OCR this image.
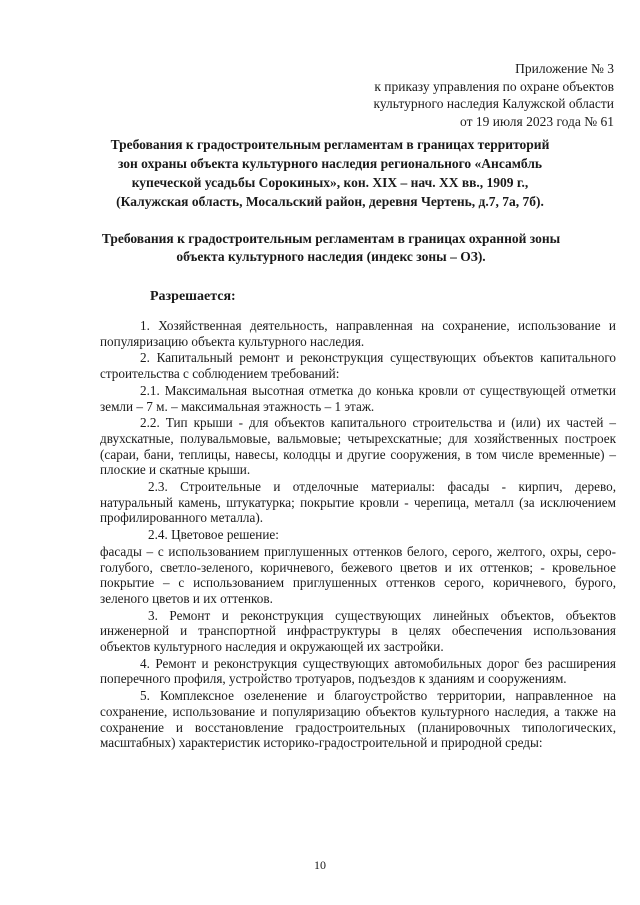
Приложение № 3
к приказу управления по охране объектов
культурного наследия Калужской области
от 19 июля 2023 года № 61
Требования к градостроительным регламентам в границах территорий зон охраны объекта культурного наследия регионального «Ансамбль купеческой усадьбы Сорокиных», кон. XIX – нач. XX вв., 1909 г., (Калужская область, Мосальский район, деревня Чертень, д.7, 7а, 7б).
Требования к градостроительным регламентам в границах охранной зоны объекта культурного наследия (индекс зоны – ОЗ).
Разрешается:

1. Хозяйственная деятельность, направленная на сохранение, использование и популяризацию объекта культурного наследия.

2. Капитальный ремонт и реконструкция существующих объектов капитального строительства с соблюдением требований:

2.1. Максимальная высотная отметка до конька кровли от существующей отметки земли – 7 м. – максимальная этажность – 1 этаж.

2.2. Тип крыши - для объектов капитального строительства и (или) их частей – двухскатные, полувальмовые, вальмовые; четырехскатные; для хозяйственных построек (сараи, бани, теплицы, навесы, колодцы и другие сооружения, в том числе временные) – плоские и скатные крыши.

2.3. Строительные и отделочные материалы: фасады - кирпич, дерево, натуральный камень, штукатурка; покрытие кровли - черепица, металл (за исключением профилированного металла).

2.4. Цветовое решение:

фасады – с использованием приглушенных оттенков белого, серого, желтого, охры, серо-голубого, светло-зеленого, коричневого, бежевого цветов и их оттенков; - кровельное покрытие – с использованием приглушенных оттенков серого, коричневого, бурого, зеленого цветов и их оттенков.

3. Ремонт и реконструкция существующих линейных объектов, объектов инженерной и транспортной инфраструктуры в целях обеспечения использования объектов культурного наследия и окружающей их застройки.

4. Ремонт и реконструкция существующих автомобильных дорог без расширения поперечного профиля, устройство тротуаров, подъездов к зданиям и сооружениям.

5. Комплексное озеленение и благоустройство территории, направленное на сохранение, использование и популяризацию объектов культурного наследия, а также на сохранение и восстановление градостроительных (планировочных типологических, масштабных) характеристик историко-градостроительной и природной среды:

10
